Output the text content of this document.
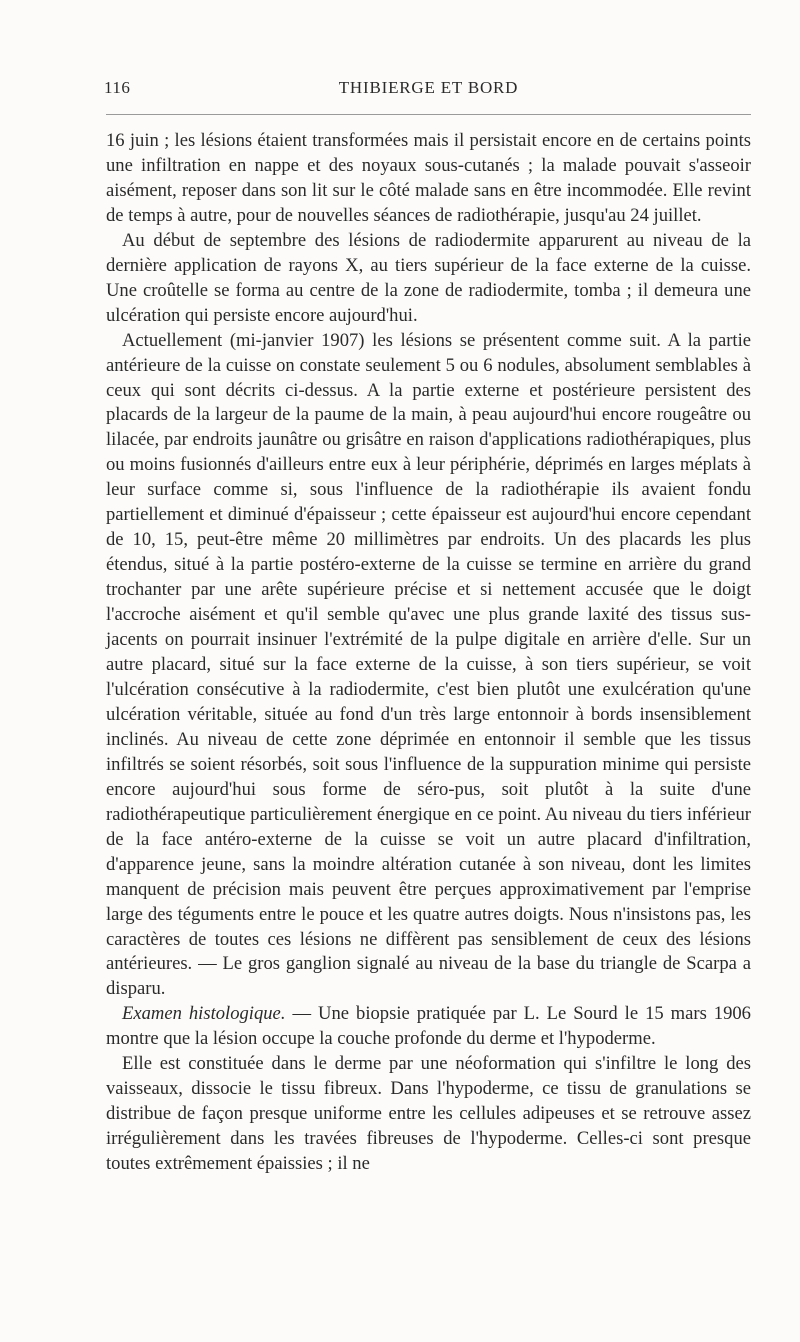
116	THIBIERGE ET BORD

16 juin ; les lésions étaient transformées mais il persistait encore en de certains points une infiltration en nappe et des noyaux sous-cutanés ; la malade pouvait s'asseoir aisément, reposer dans son lit sur le côté malade sans en être incommodée. Elle revint de temps à autre, pour de nouvelles séances de radiothérapie, jusqu'au 24 juillet.

Au début de septembre des lésions de radiodermite apparurent au niveau de la dernière application de rayons X, au tiers supérieur de la face externe de la cuisse. Une croûtelle se forma au centre de la zone de radiodermite, tomba ; il demeura une ulcération qui persiste encore aujourd'hui.

Actuellement (mi-janvier 1907) les lésions se présentent comme suit. A la partie antérieure de la cuisse on constate seulement 5 ou 6 nodules, absolument semblables à ceux qui sont décrits ci-dessus. A la partie externe et postérieure persistent des placards de la largeur de la paume de la main, à peau aujourd'hui encore rougeâtre ou lilacée, par endroits jaunâtre ou grisâtre en raison d'applications radiothérapiques, plus ou moins fusionnés d'ailleurs entre eux à leur périphérie, déprimés en larges méplats à leur surface comme si, sous l'influence de la radiothérapie ils avaient fondu partiellement et diminué d'épaisseur ; cette épaisseur est aujourd'hui encore cependant de 10, 15, peut-être même 20 millimètres par endroits. Un des placards les plus étendus, situé à la partie postéro-externe de la cuisse se termine en arrière du grand trochanter par une arête supérieure précise et si nettement accusée que le doigt l'accroche aisément et qu'il semble qu'avec une plus grande laxité des tissus sus-jacents on pourrait insinuer l'extrémité de la pulpe digitale en arrière d'elle. Sur un autre placard, situé sur la face externe de la cuisse, à son tiers supérieur, se voit l'ulcération consécutive à la radiodermite, c'est bien plutôt une exulcération qu'une ulcération véritable, située au fond d'un très large entonnoir à bords insensiblement inclinés. Au niveau de cette zone déprimée en entonnoir il semble que les tissus infiltrés se soient résorbés, soit sous l'influence de la suppuration minime qui persiste encore aujourd'hui sous forme de séro-pus, soit plutôt à la suite d'une radiothérapeutique particulièrement énergique en ce point. Au niveau du tiers inférieur de la face antéro-externe de la cuisse se voit un autre placard d'infiltration, d'apparence jeune, sans la moindre altération cutanée à son niveau, dont les limites manquent de précision mais peuvent être perçues approximativement par l'emprise large des téguments entre le pouce et les quatre autres doigts. Nous n'insistons pas, les caractères de toutes ces lésions ne diffèrent pas sensiblement de ceux des lésions antérieures. — Le gros ganglion signalé au niveau de la base du triangle de Scarpa a disparu.

Examen histologique. — Une biopsie pratiquée par L. Le Sourd le 15 mars 1906 montre que la lésion occupe la couche profonde du derme et l'hypoderme.

Elle est constituée dans le derme par une néoformation qui s'infiltre le long des vaisseaux, dissocie le tissu fibreux. Dans l'hypoderme, ce tissu de granulations se distribue de façon presque uniforme entre les cellules adipeuses et se retrouve assez irrégulièrement dans les travées fibreuses de l'hypoderme. Celles-ci sont presque toutes extrêmement épaissies ; il ne
